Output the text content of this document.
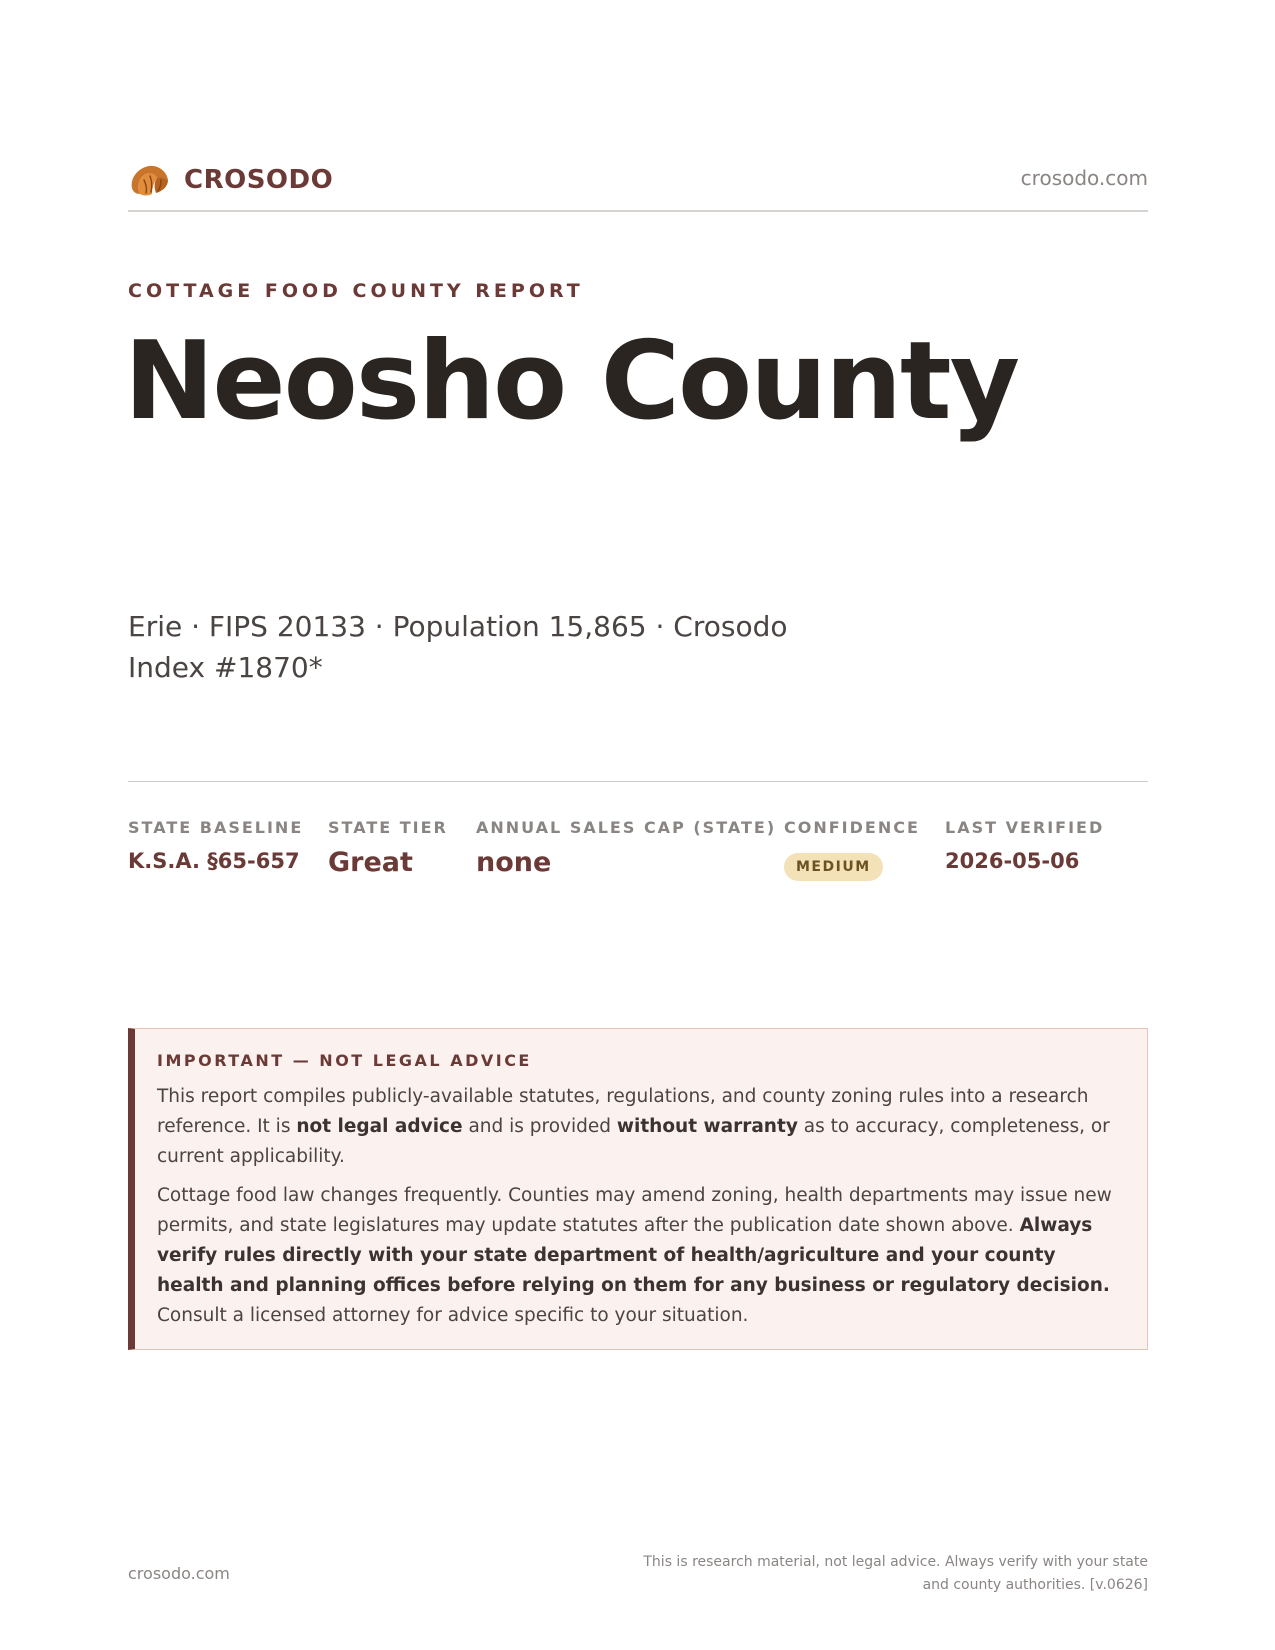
CROSODO	crosodo.com
COTTAGE FOOD COUNTY REPORT
Neosho County
Erie · FIPS 20133 · Population 15,865 · Crosodo Index #1870*
STATE BASELINE
K.S.A. §65-657
STATE TIER
Great
ANNUAL SALES CAP (STATE)
none
CONFIDENCE
MEDIUM
LAST VERIFIED
2026-05-06
IMPORTANT — NOT LEGAL ADVICE

This report compiles publicly-available statutes, regulations, and county zoning rules into a research reference. It is not legal advice and is provided without warranty as to accuracy, completeness, or current applicability.

Cottage food law changes frequently. Counties may amend zoning, health departments may issue new permits, and state legislatures may update statutes after the publication date shown above. Always verify rules directly with your state department of health/agriculture and your county health and planning offices before relying on them for any business or regulatory decision. Consult a licensed attorney for advice specific to your situation.

crosodo.com
This is research material, not legal advice. Always verify with your state and county authorities. [v.0626]
